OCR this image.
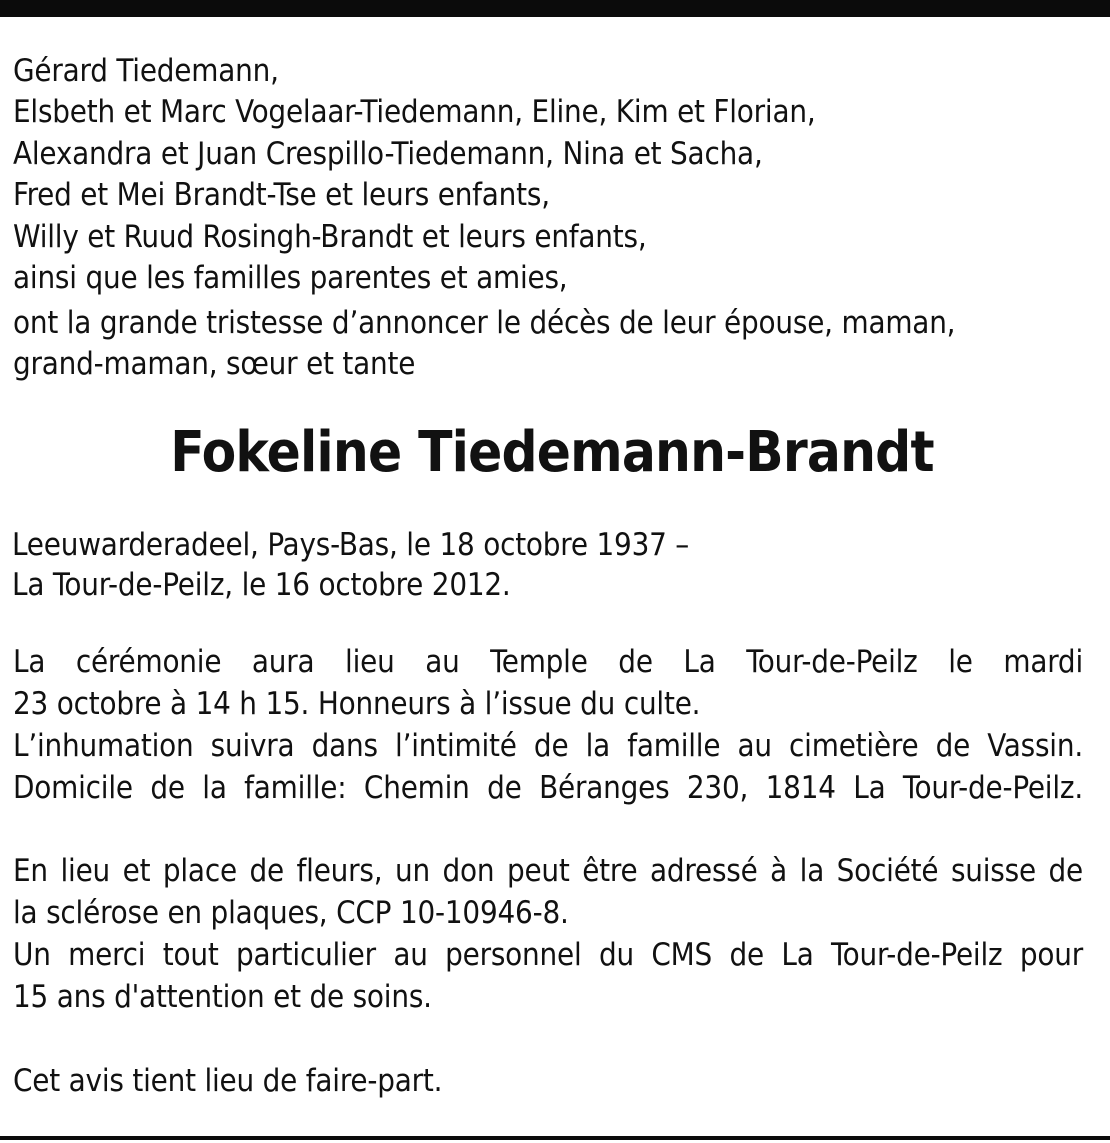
Gérard Tiedemann,
Elsbeth et Marc Vogelaar-Tiedemann, Eline, Kim et Florian,
Alexandra et Juan Crespillo-Tiedemann, Nina et Sacha,
Fred et Mei Brandt-Tse et leurs enfants,
Willy et Ruud Rosingh-Brandt et leurs enfants,
ainsi que les familles parentes et amies,
ont la grande tristesse d’annoncer le décès de leur épouse, maman,
grand-maman, sœur et tante
Fokeline Tiedemann-Brandt
Leeuwarderadeel, Pays-Bas, le 18 octobre 1937 –
La Tour-de-Peilz, le 16 octobre 2012.
La cérémonie aura lieu au Temple de La Tour-de-Peilz le mardi
23 octobre à 14 h 15. Honneurs à l’issue du culte.
L’inhumation suivra dans l’intimité de la famille au cimetière de Vassin.
Domicile de la famille: Chemin de Béranges 230, 1814 La Tour-de-Peilz.
En lieu et place de fleurs, un don peut être adressé à la Société suisse de
la sclérose en plaques, CCP 10-10946-8.
Un merci tout particulier au personnel du CMS de La Tour-de-Peilz pour
15 ans d'attention et de soins.
Cet avis tient lieu de faire-part.
